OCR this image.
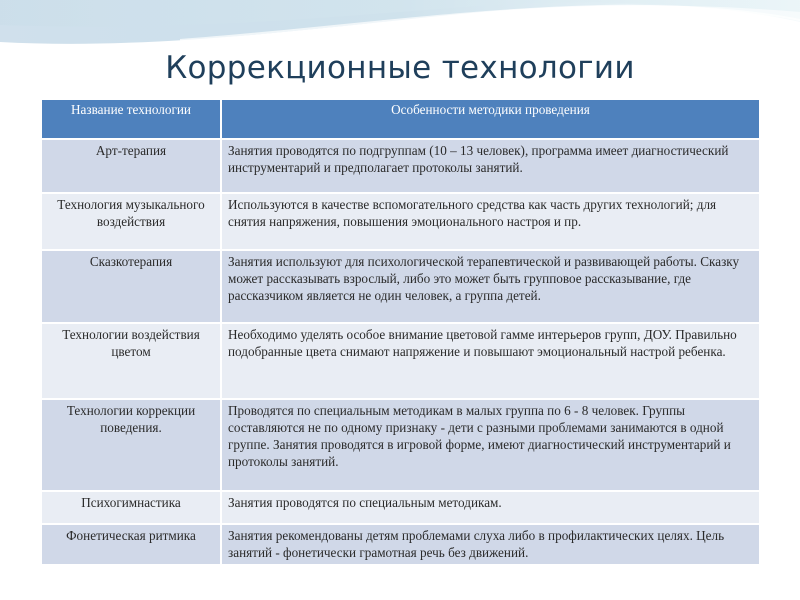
Коррекционные технологии
Название технологии	Особенности методики проведения
Арт-терапия	Занятия проводятся по подгруппам (10 – 13 человек), программа имеет диагностический инструментарий и предполагает протоколы занятий.
Технология музыкального воздействия	Используются в качестве вспомогательного средства как часть других технологий; для снятия напряжения, повышения эмоционального настроя и пр.
Сказкотерапия	Занятия используют для психологической терапевтической и развивающей работы. Сказку может рассказывать взрослый, либо это может быть групповое рассказывание, где рассказчиком является не один человек, а группа детей.
Технологии воздействия цветом	Необходимо уделять особое внимание цветовой гамме интерьеров групп, ДОУ. Правильно подобранные цвета снимают напряжение и повышают эмоциональный настрой ребенка.
Технологии коррекции поведения.	Проводятся по специальным методикам в малых группа по 6 - 8 человек. Группы составляются не по одному признаку - дети с разными проблемами занимаются в одной группе. Занятия проводятся в игровой форме, имеют диагностический инструментарий и протоколы занятий.
Психогимнастика	Занятия проводятся по специальным методикам.
Фонетическая ритмика	Занятия рекомендованы детям проблемами слуха либо в профилактических целях. Цель занятий - фонетически грамотная речь без движений.
